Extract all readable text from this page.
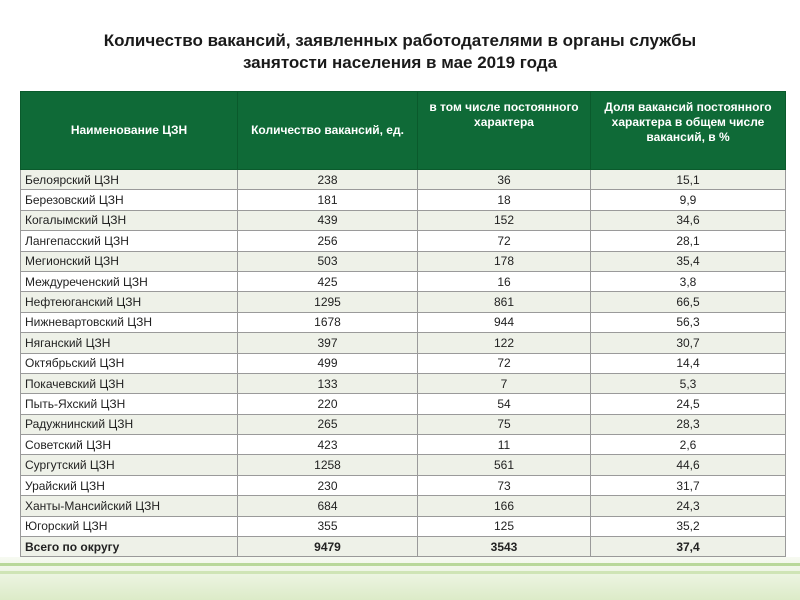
Количество вакансий, заявленных работодателями в органы службы
занятости населения в мае 2019 года
Наименование ЦЗН	Количество вакансий, ед.	в том числе постоянного характера	Доля вакансий постоянного характера в общем числе вакансий, в %
Белоярский ЦЗН	238	36	15,1
Березовский ЦЗН	181	18	9,9
Когалымский ЦЗН	439	152	34,6
Лангепасский ЦЗН	256	72	28,1
Мегионский ЦЗН	503	178	35,4
Междуреченский ЦЗН	425	16	3,8
Нефтеюганский ЦЗН	1295	861	66,5
Нижневартовский ЦЗН	1678	944	56,3
Няганский ЦЗН	397	122	30,7
Октябрьский ЦЗН	499	72	14,4
Покачевский ЦЗН	133	7	5,3
Пыть-Яхский ЦЗН	220	54	24,5
Радужнинский ЦЗН	265	75	28,3
Советский ЦЗН	423	11	2,6
Сургутский ЦЗН	1258	561	44,6
Урайский ЦЗН	230	73	31,7
Ханты-Мансийский ЦЗН	684	166	24,3
Югорский ЦЗН	355	125	35,2
Всего по округу	9479	3543	37,4
